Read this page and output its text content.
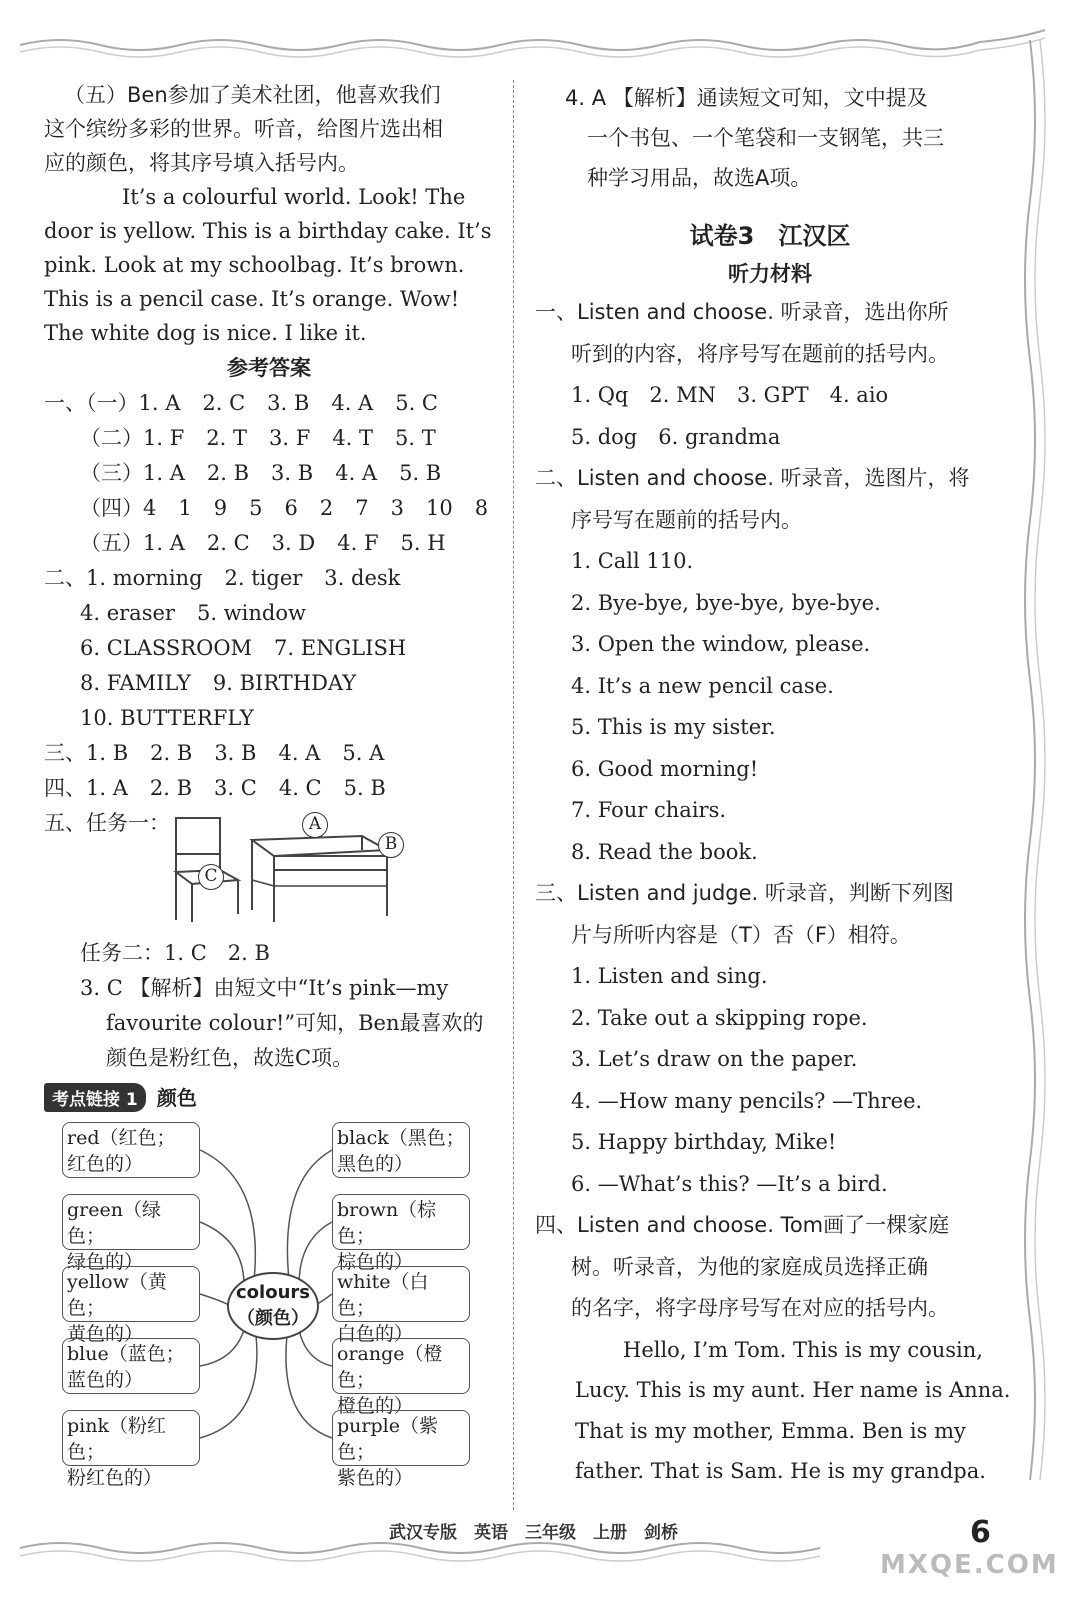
（五）Ben参加了美术社团，他喜欢我们
这个缤纷多彩的世界。听音，给图片选出相
应的颜色，将其序号填入括号内。
It’s a colourful world. Look! The
door is yellow. This is a birthday cake. It’s
pink. Look at my schoolbag. It’s brown.
This is a pencil case. It’s orange. Wow!
The white dog is nice. I like it.
参考答案
一、（一）1. A 2. C 3. B 4. A 5. C
（二）1. F 2. T 3. F 4. T 5. T
（三）1. A 2. B 3. B 4. A 5. B
（四）4 1 9 5 6 2 7 3 10 8
（五）1. A 2. C 3. D 4. F 5. H
二、1. morning 2. tiger 3. desk
4. eraser 5. window
6. CLASSROOM 7. ENGLISH
8. FAMILY 9. BIRTHDAY
10. BUTTERFLY
三、1. B 2. B 3. B 4. A 5. A
四、1. A 2. B 3. C 4. C 5. B
五、任务一：	A
B
C
任务二：1. C　2. B
3. C 【解析】由短文中“It’s pink—my
favourite colour!”可知，Ben最喜欢的
颜色是粉红色，故选C项。
考点链接 1 颜色
red（红色；
红色的）
green（绿色；
绿色的）
yellow（黄色；
黄色的）
blue（蓝色；
蓝色的）
pink（粉红色；
粉红色的）
colours
（颜色）
black（黑色；
黑色的）
brown（棕色；
棕色的）
white（白色；
白色的）
orange（橙色；
橙色的）
purple（紫色；
紫色的）
4. A 【解析】通读短文可知，文中提及
一个书包、一个笔袋和一支钢笔，共三
种学习用品，故选A项。
试卷3　江汉区
听力材料
一、Listen and choose. 听录音，选出你所
听到的内容，将序号写在题前的括号内。
1. Qq　2. MN　3. GPT　4. aio
5. dog　6. grandma
二、Listen and choose. 听录音，选图片，将
序号写在题前的括号内。
1. Call 110.
2. Bye-bye, bye-bye, bye-bye.
3. Open the window, please.
4. It’s a new pencil case.
5. This is my sister.
6. Good morning!
7. Four chairs.
8. Read the book.
三、Listen and judge. 听录音，判断下列图
片与所听内容是（T）否（F）相符。
1. Listen and sing.
2. Take out a skipping rope.
3. Let’s draw on the paper.
4. —How many pencils? —Three.
5. Happy birthday, Mike!
6. —What’s this? —It’s a bird.
四、Listen and choose. Tom画了一棵家庭
树。听录音，为他的家庭成员选择正确
的名字，将字母序号写在对应的括号内。
Hello, I’m Tom. This is my cousin,
Lucy. This is my aunt. Her name is Anna.
That is my mother, Emma. Ben is my
father. That is Sam. He is my grandpa.
武汉专版　英语　三年级　上册　剑桥	6
MXQE.COM
